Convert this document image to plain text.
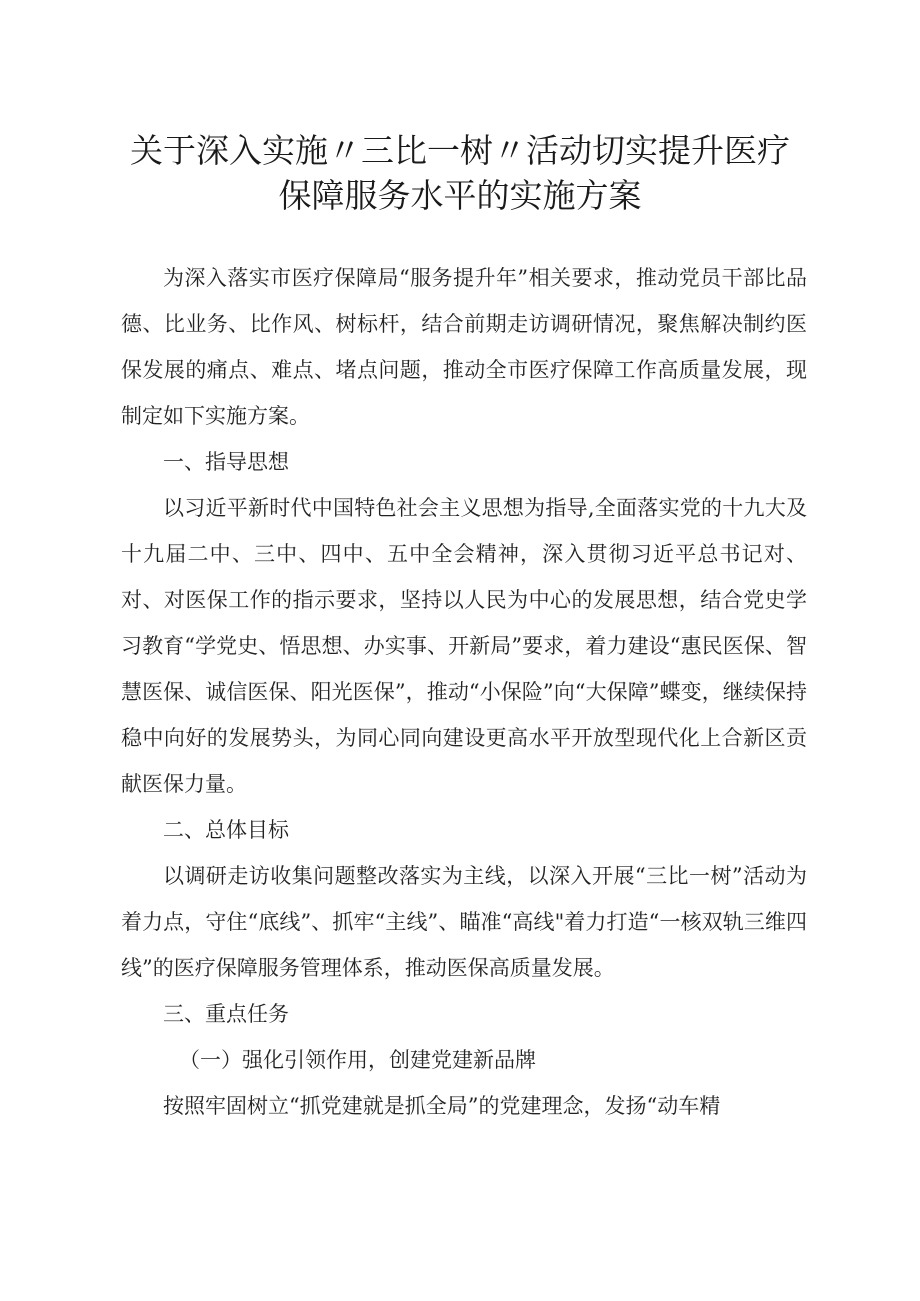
关于深入实施〃三比一树〃活动切实提升医疗
保障服务水平的实施方案

为深入落实市医疗保障局“服务提升年”相关要求，推动党员干部比品德、比业务、比作风、树标杆，结合前期走访调研情况，聚焦解决制约医保发展的痛点、难点、堵点问题，推动全市医疗保障工作高质量发展，现制定如下实施方案。

一、指导思想

以习近平新时代中国特色社会主义思想为指导,全面落实党的十九大及十九届二中、三中、四中、五中全会精神，深入贯彻习近平总书记对、对、对医保工作的指示要求，坚持以人民为中心的发展思想，结合党史学习教育“学党史、悟思想、办实事、开新局”要求，着力建设“惠民医保、智慧医保、诚信医保、阳光医保”，推动“小保险”向“大保障”蝶变，继续保持稳中向好的发展势头，为同心同向建设更高水平开放型现代化上合新区贡献医保力量。

二、总体目标

以调研走访收集问题整改落实为主线，以深入开展“三比一树”活动为着力点，守住“底线”、抓牢“主线”、瞄准“高线"着力打造“一核双轨三维四线”的医疗保障服务管理体系，推动医保高质量发展。

三、重点任务

（一）强化引领作用，创建党建新品牌

按照牢固树立“抓党建就是抓全局”的党建理念，发扬“动车精
